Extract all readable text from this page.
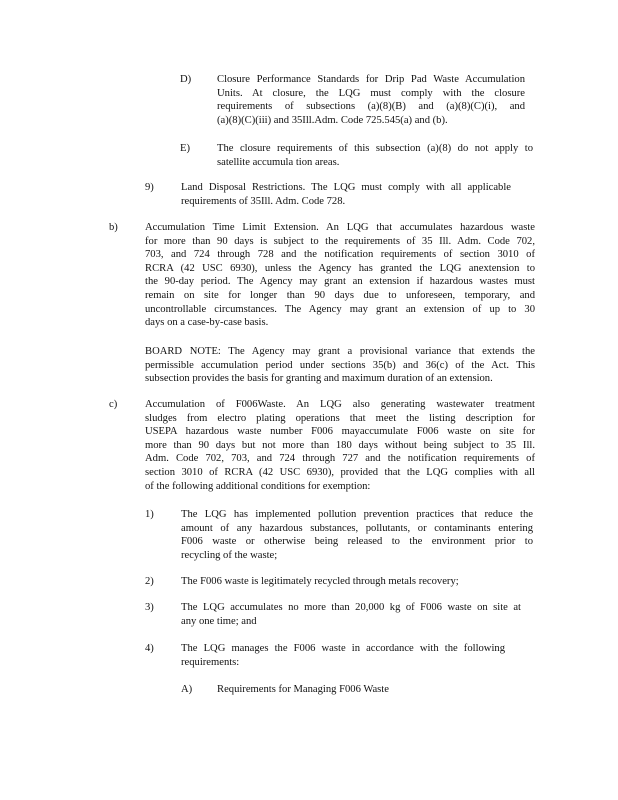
D) Closure Performance Standards for Drip Pad Waste Accumulation

Units. At closure, the LQG must comply with the closure

requirements of subsections (a)(8)(B) and (a)(8)(C)(i), and

(a)(8)(C)(iii) and 35Ill.Adm. Code 725.545(a) and (b).

E)	The closure requirements of this subsection (a)(8) do not apply to

satellite accumula tion areas.

9)	Land Disposal Restrictions. The LQG must comply with all applicable

requirements of 35Ill. Adm. Code 728.

b)	Accumulation Time Limit Extension. An LQG that accumulates hazardous waste

for more than 90 days is subject to the requirements of 35 Ill. Adm. Code 702,

703, and 724 through 728 and the notification requirements of section 3010 of

RCRA (42 USC 6930), unless the Agency has granted the LQG anextension to

the 90-day period. The Agency may grant an extension if hazardous wastes must

remain on site for longer than 90 days due to unforeseen, temporary, and

uncontrollable circumstances. The Agency may grant an extension of up to 30

days on a case-by-case basis.

BOARD NOTE: The Agency may grant a provisional variance that extends the

permissible accumulation period under sections 35(b) and 36(c) of the Act. This

subsection provides the basis for granting and maximum duration of an extension.

c)	Accumulation of F006Waste. An LQG also generating wastewater treatment

sludges from electro plating operations that meet the listing description for

USEPA hazardous waste number F006 mayaccumulate F006 waste on site for

more than 90 days but not more than 180 days without being subject to 35 Ill.

Adm. Code 702, 703, and 724 through 727 and the notification requirements of

section 3010 of RCRA (42 USC 6930), provided that the LQG complies with all

of the following additional conditions for exemption:

1)	The LQG has implemented pollution prevention practices that reduce the

amount of any hazardous substances, pollutants, or contaminants entering

F006 waste or otherwise being released to the environment prior to

recycling of the waste;

2)	The F006 waste is legitimately recycled through metals recovery;

3)	The LQG accumulates no more than 20,000 kg of F006 waste on site at

any one time; and

4)	The LQG manages the F006 waste in accordance with the following

requirements:

A) Requirements for Managing F006 Waste
